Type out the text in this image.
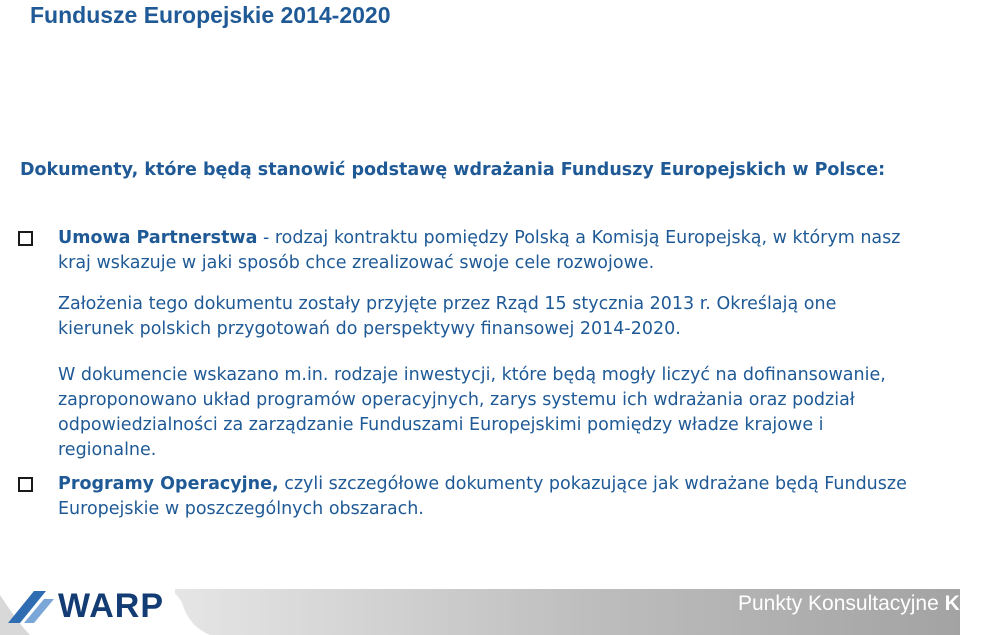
Fundusze Europejskie 2014-2020
Dokumenty, które będą stanowić podstawę wdrażania Funduszy Europejskich w Polsce:
Umowa Partnerstwa - rodzaj kontraktu pomiędzy Polską a Komisją Europejską, w którym nasz kraj wskazuje w jaki sposób chce zrealizować swoje cele rozwojowe.
Założenia tego dokumentu zostały przyjęte przez Rząd 15 stycznia 2013 r. Określają one kierunek polskich przygotowań do perspektywy finansowej 2014-2020.
W dokumencie wskazano m.in. rodzaje inwestycji, które będą mogły liczyć na dofinansowanie, zaproponowano układ programów operacyjnych, zarys systemu ich wdrażania oraz podział odpowiedzialności za zarządzanie Funduszami Europejskimi pomiędzy władze krajowe i regionalne.
Programy Operacyjne, czyli szczegółowe dokumenty pokazujące jak wdrażane będą Fundusze Europejskie w poszczególnych obszarach.
WARP	Punkty Konsultacyjne KSU
